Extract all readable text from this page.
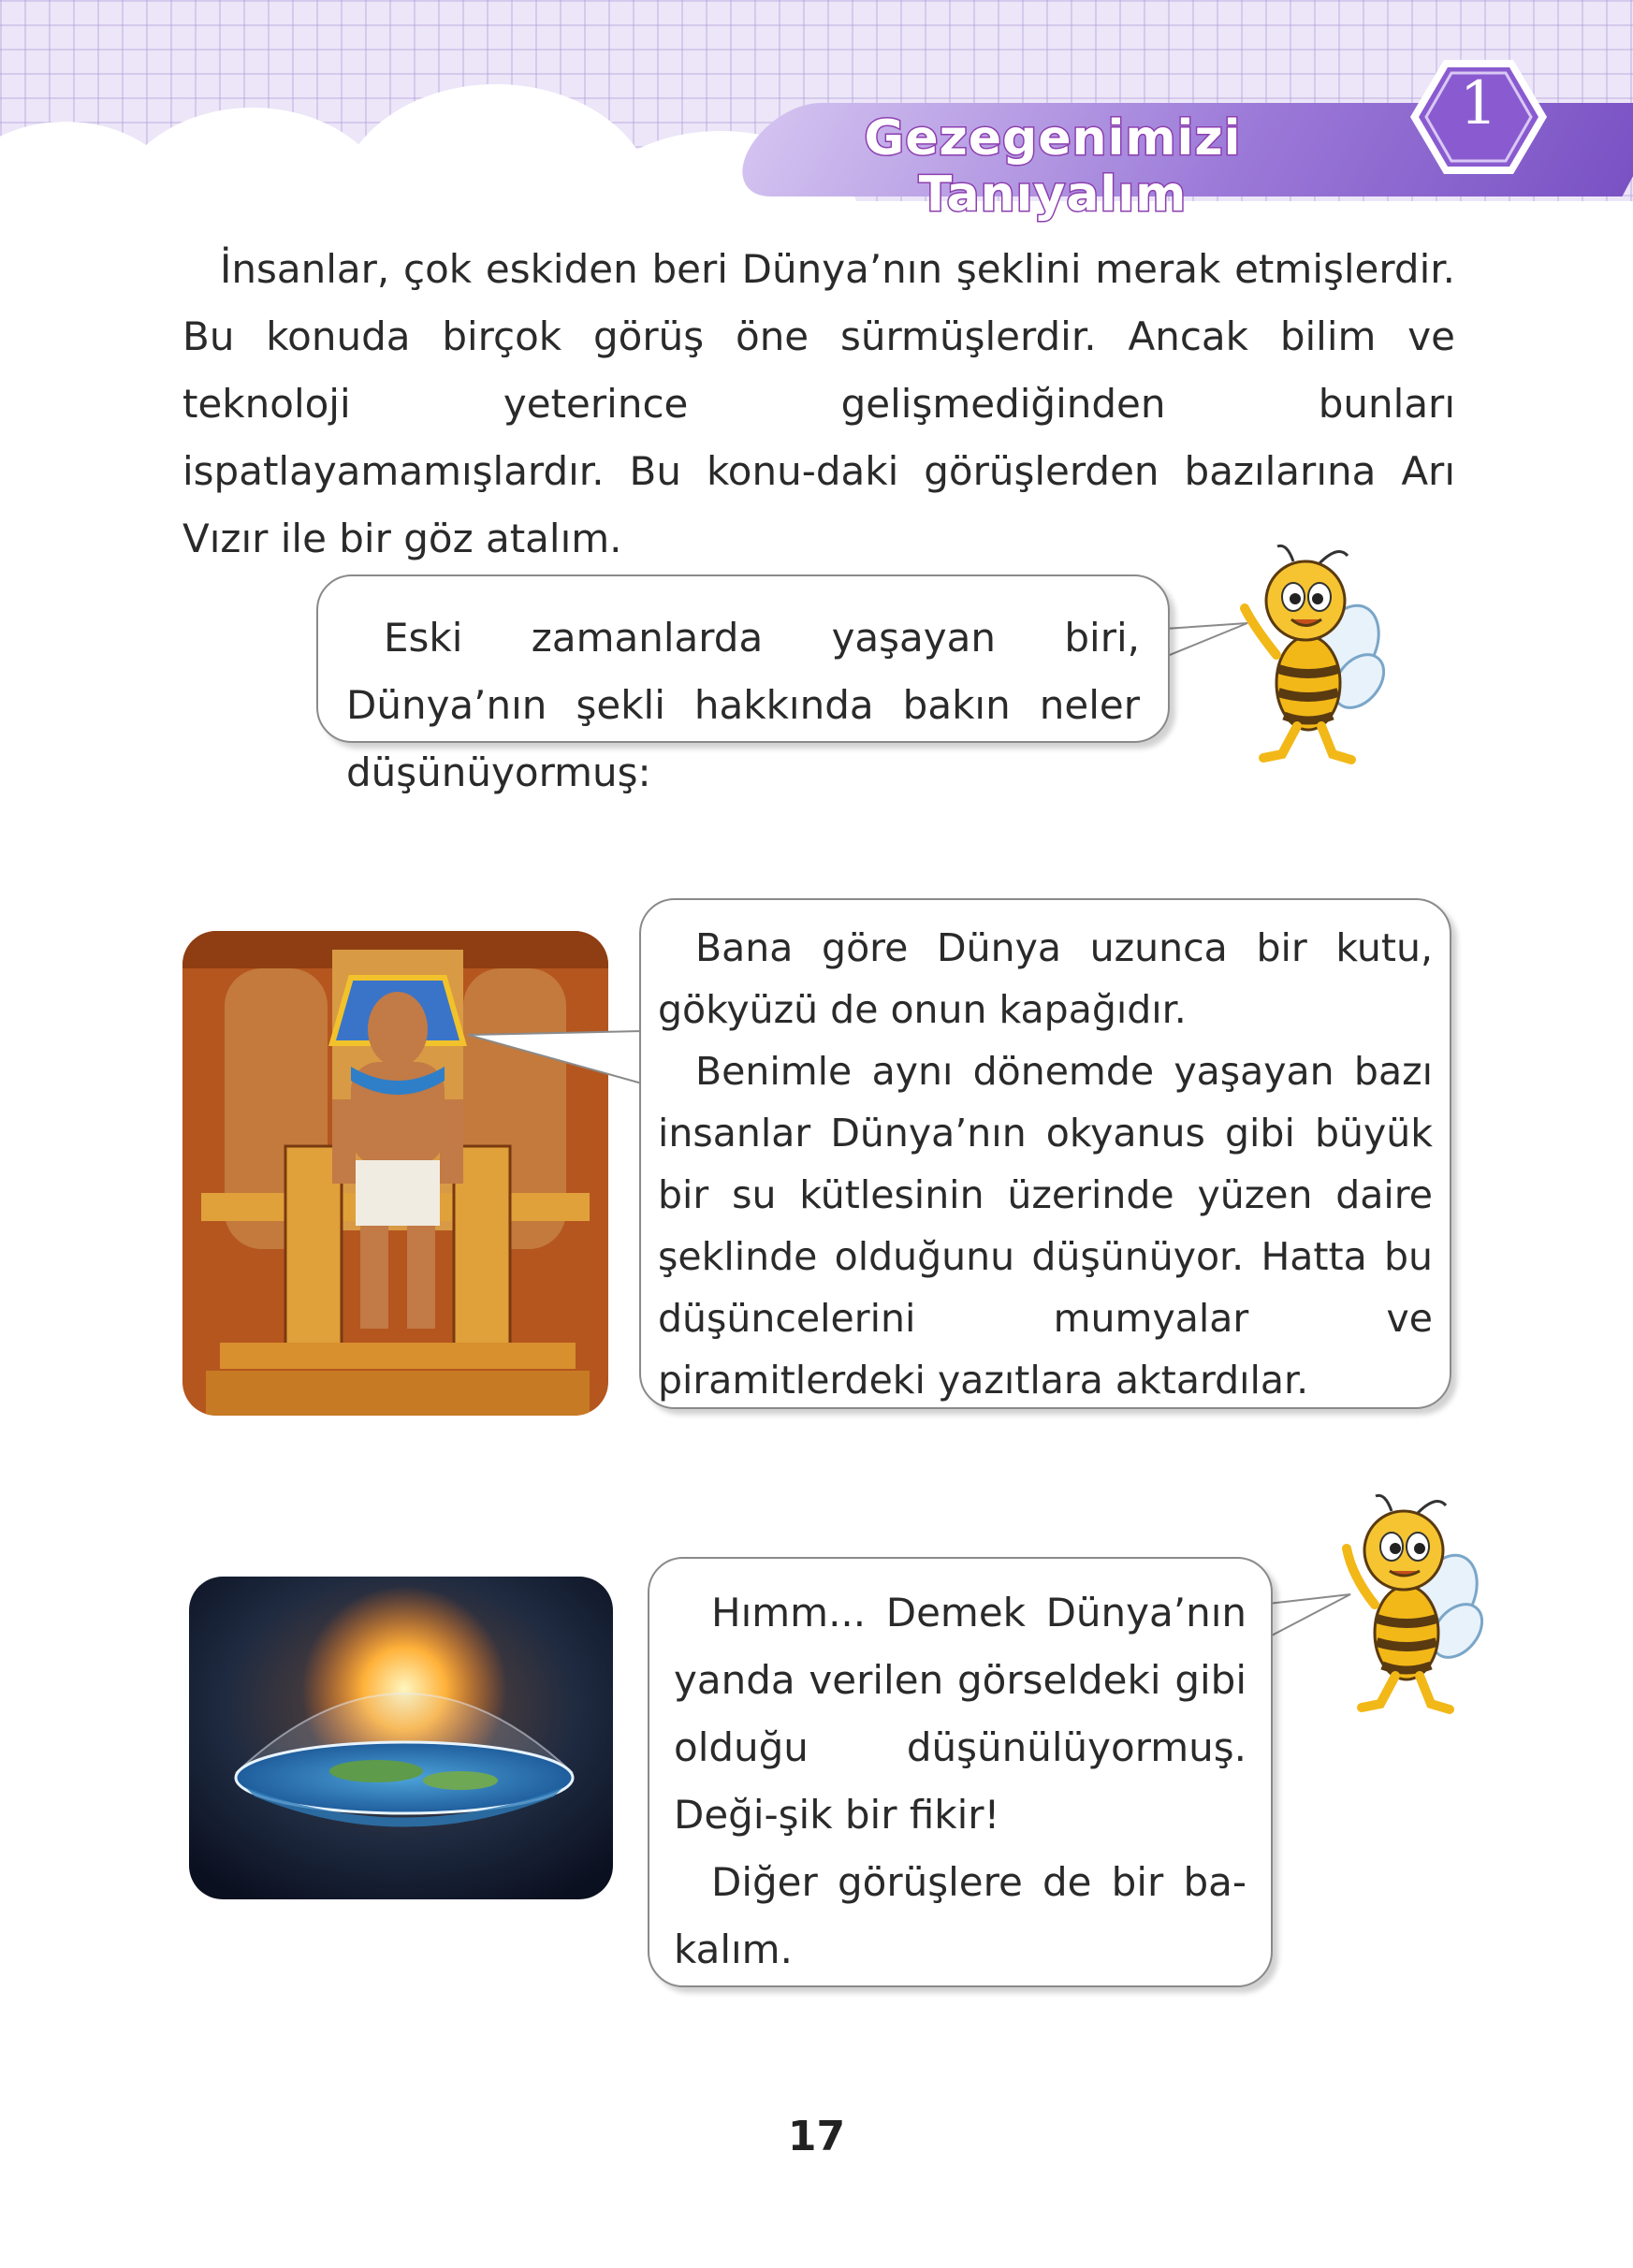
Gezegenimizi Tanıyalım
1

İnsanlar, çok eskiden beri Dünya’nın şeklini merak etmişlerdir. Bu konuda birçok görüş öne sürmüşlerdir. Ancak bilim ve teknoloji yeterince gelişmediğinden bunları ispatlayamamışlardır. Bu konu-daki görüşlerden bazılarına Arı Vızır ile bir göz atalım.

Eski zamanlarda yaşayan biri, Dünya’nın şekli hakkında bakın neler düşünüyormuş:

Bana göre Dünya uzunca bir kutu, gökyüzü de onun kapağıdır.

Benimle aynı dönemde yaşayan bazı insanlar Dünya’nın okyanus gibi büyük bir su kütlesinin üzerinde yüzen daire şeklinde olduğunu düşünüyor. Hatta bu düşüncelerini mumyalar ve piramitlerdeki yazıtlara aktardılar.

Hımm... Demek Dünya’nın yanda verilen görseldeki gibi olduğu düşünülüyormuş. Deği-şik bir fikir!

Diğer görüşlere de bir ba-kalım.

17
